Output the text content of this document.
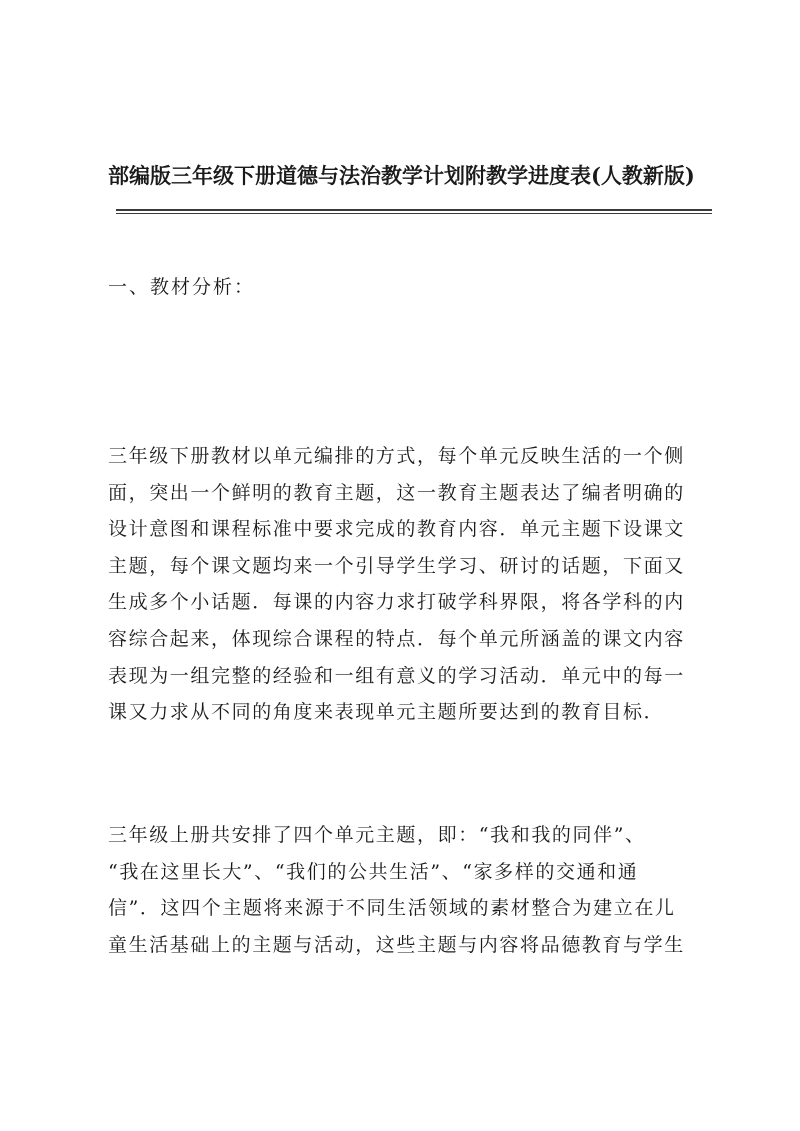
部编版三年级下册道德与法治教学计划附教学进度表(人教新版)
一、教材分析：
三年级下册教材以单元编排的方式，每个单元反映生活的一个侧
面，突出一个鲜明的教育主题，这一教育主题表达了编者明确的
设计意图和课程标准中要求完成的教育内容．单元主题下设课文
主题，每个课文题均来一个引导学生学习、研讨的话题，下面又
生成多个小话题．每课的内容力求打破学科界限，将各学科的内
容综合起来，体现综合课程的特点．每个单元所涵盖的课文内容
表现为一组完整的经验和一组有意义的学习活动．单元中的每一
课又力求从不同的角度来表现单元主题所要达到的教育目标．
三年级上册共安排了四个单元主题，即：“我和我的同伴”、
“我在这里长大”、“我们的公共生活”、“家多样的交通和通
信”．这四个主题将来源于不同生活领域的素材整合为建立在儿
童生活基础上的主题与活动，这些主题与内容将品德教育与学生
